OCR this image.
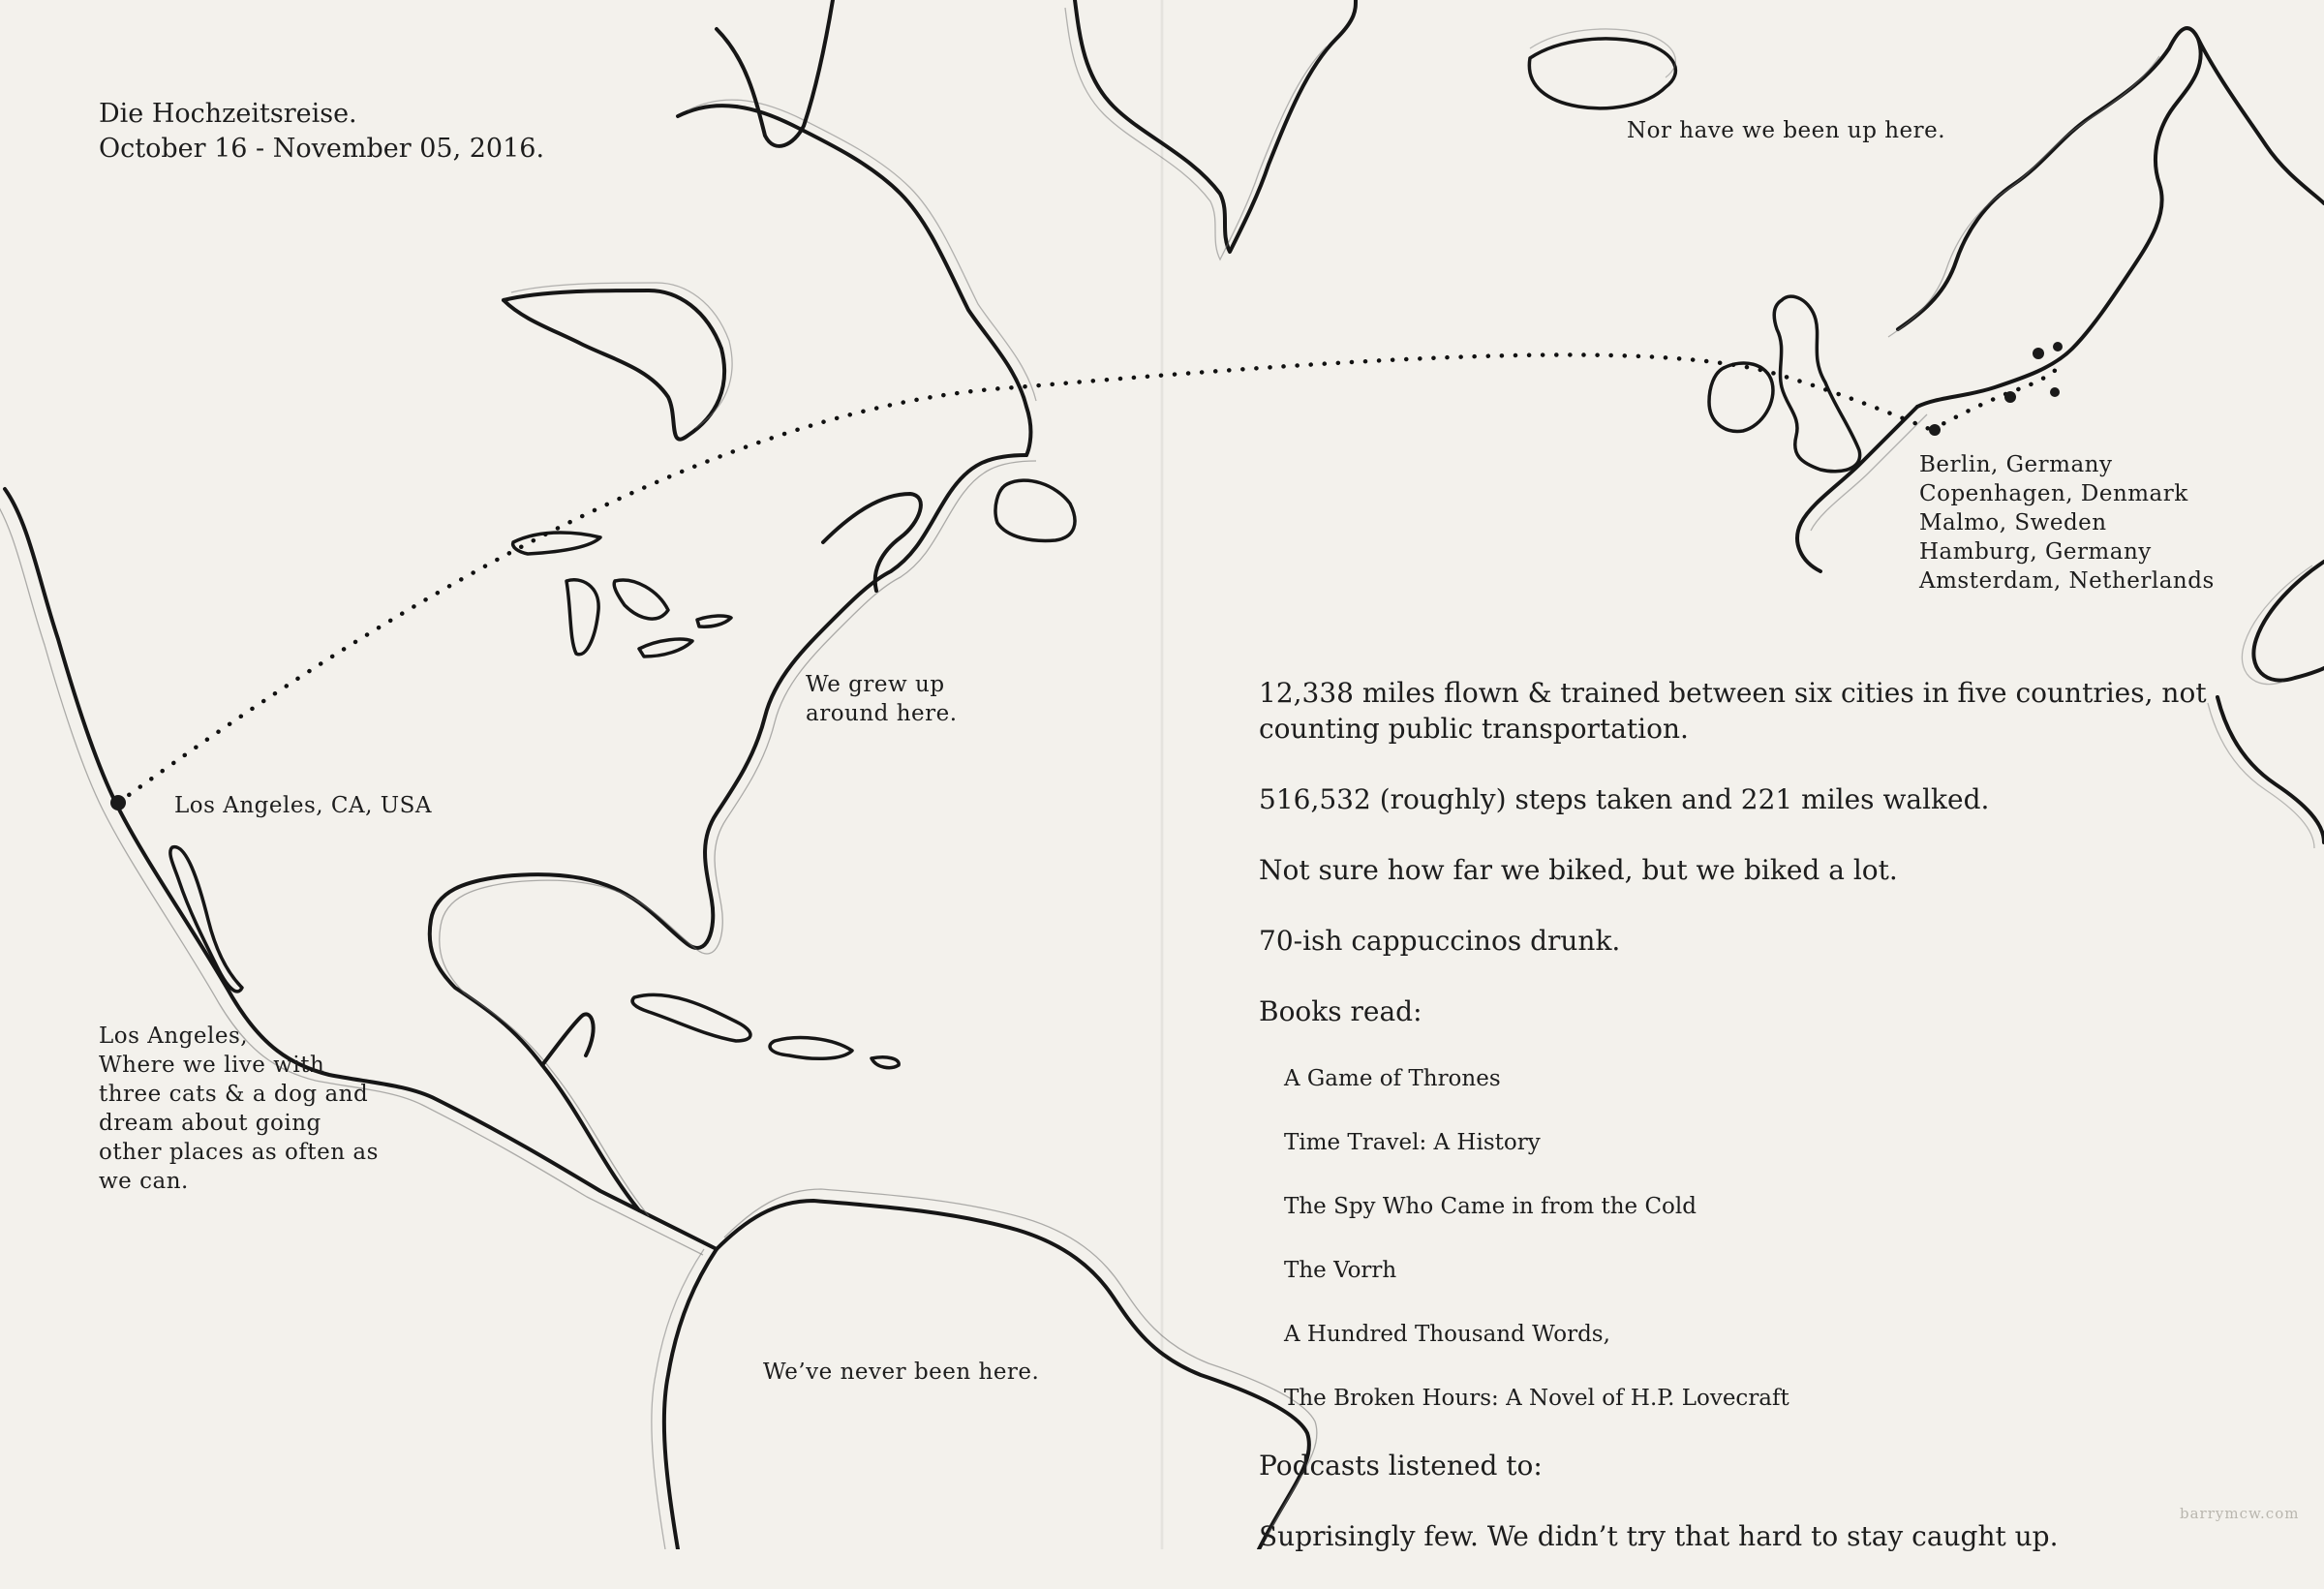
Die Hochzeitsreise.
October 16 - November 05, 2016.
Los Angeles, CA, USA
We grew up
around here.
Nor have we been up here.
We’ve never been here.
Los Angeles,
Where we live with
three cats & a dog and
dream about going
other places as often as
we can.
Berlin, Germany
Copenhagen, Denmark
Malmo, Sweden
Hamburg, Germany
Amsterdam, Netherlands

12,338 miles flown & trained between six cities in five countries, not counting public transportation.

516,532 (roughly) steps taken and 221 miles walked.

Not sure how far we biked, but we biked a lot.

70-ish cappuccinos drunk.

Books read:

A Game of Thrones

Time Travel: A History

The Spy Who Came in from the Cold

The Vorrh

A Hundred Thousand Words,

The Broken Hours: A Novel of H.P. Lovecraft

Podcasts listened to:

Suprisingly few. We didn’t try that hard to stay caught up.

barrymcw.com
